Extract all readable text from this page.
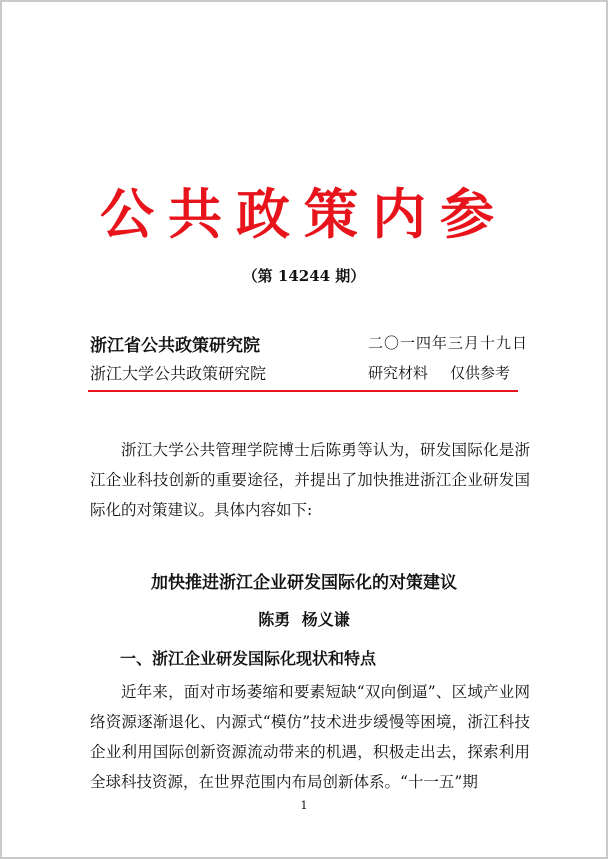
公共政策内参
（第 14244 期）
浙江省公共政策研究院	二〇一四年三月十九日
浙江大学公共政策研究院	研究材料 仅供参考
浙江大学公共管理学院博士后陈勇等认为，研发国际化是浙江企业科技创新的重要途径，并提出了加快推进浙江企业研发国际化的对策建议。具体内容如下:
加快推进浙江企业研发国际化的对策建议
陈勇 杨义谦
一、浙江企业研发国际化现状和特点
近年来，面对市场萎缩和要素短缺“双向倒逼”、区域产业网络资源逐渐退化、内源式“模仿”技术进步缓慢等困境，浙江科技企业利用国际创新资源流动带来的机遇，积极走出去，探索利用全球科技资源，在世界范围内布局创新体系。“十一五”期
1
